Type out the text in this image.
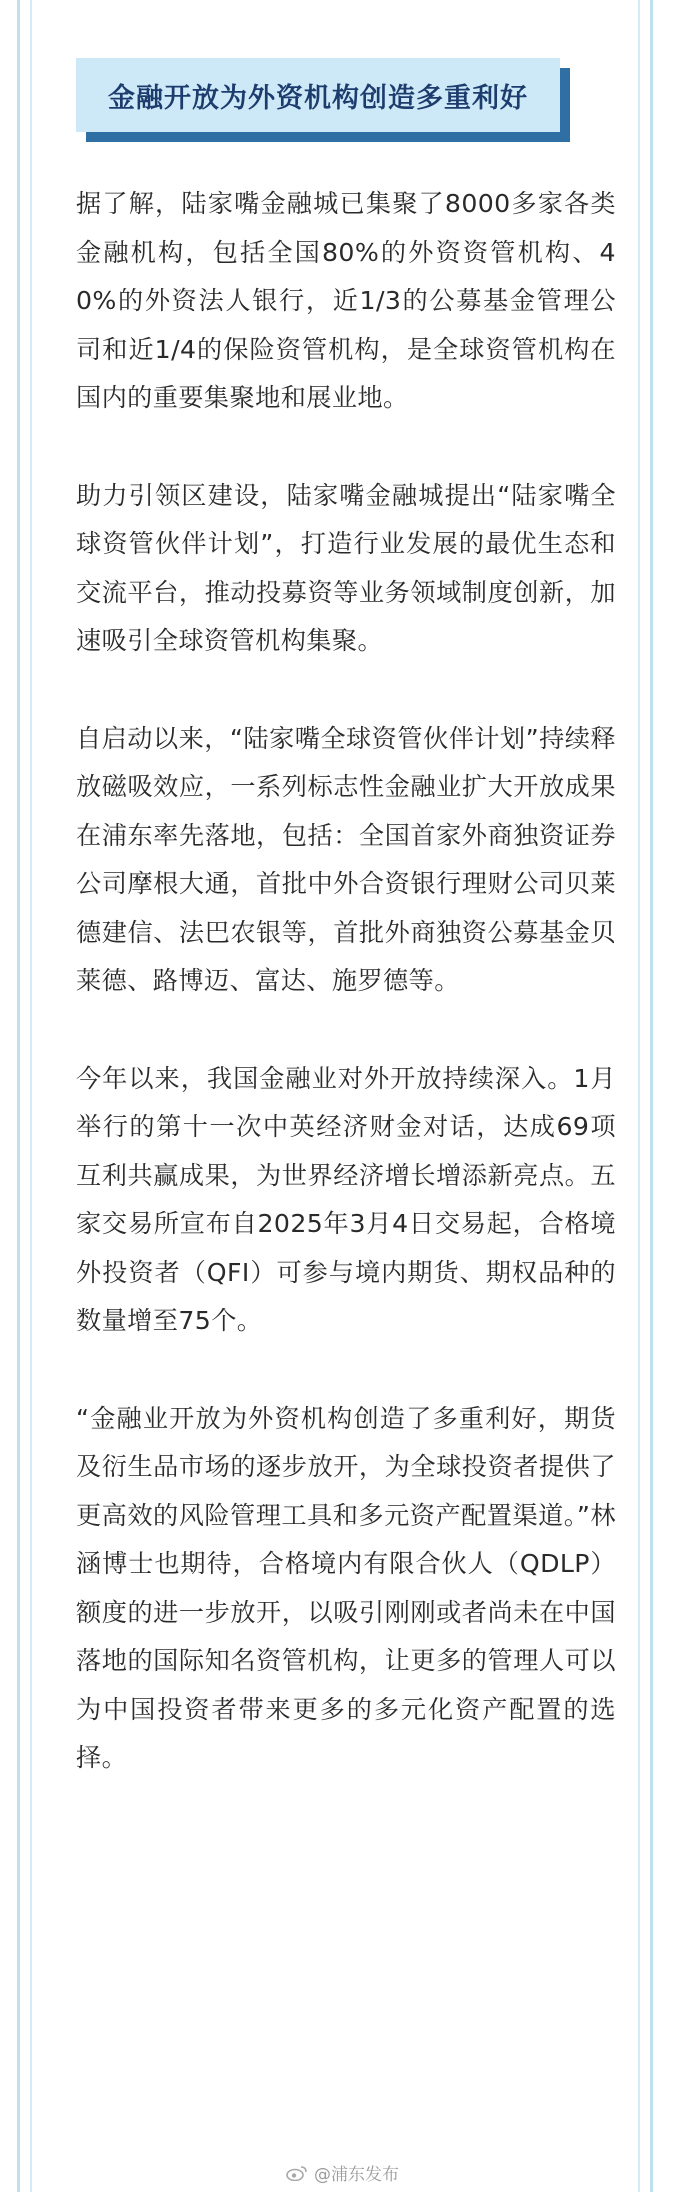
金融开放为外资机构创造多重利好

据了解，陆家嘴金融城已集聚了8000多家各类金融机构，包括全国80%的外资资管机构、40%的外资法人银行，近1/3的公募基金管理公司和近1/4的保险资管机构，是全球资管机构在国内的重要集聚地和展业地。

助力引领区建设，陆家嘴金融城提出“陆家嘴全球资管伙伴计划”，打造行业发展的最优生态和交流平台，推动投募资等业务领域制度创新，加速吸引全球资管机构集聚。

自启动以来，“陆家嘴全球资管伙伴计划”持续释放磁吸效应，一系列标志性金融业扩大开放成果在浦东率先落地，包括：全国首家外商独资证券公司摩根大通，首批中外合资银行理财公司贝莱德建信、法巴农银等，首批外商独资公募基金贝莱德、路博迈、富达、施罗德等。

今年以来，我国金融业对外开放持续深入。1月举行的第十一次中英经济财金对话，达成69项互利共赢成果，为世界经济增长增添新亮点。五家交易所宣布自2025年3月4日交易起，合格境外投资者（QFI）可参与境内期货、期权品种的数量增至75个。

“金融业开放为外资机构创造了多重利好，期货及衍生品市场的逐步放开，为全球投资者提供了更高效的风险管理工具和多元资产配置渠道。”林涵博士也期待，合格境内有限合伙人（QDLP）额度的进一步放开，以吸引刚刚或者尚未在中国落地的国际知名资管机构，让更多的管理人可以为中国投资者带来更多的多元化资产配置的选择。

@浦东发布
